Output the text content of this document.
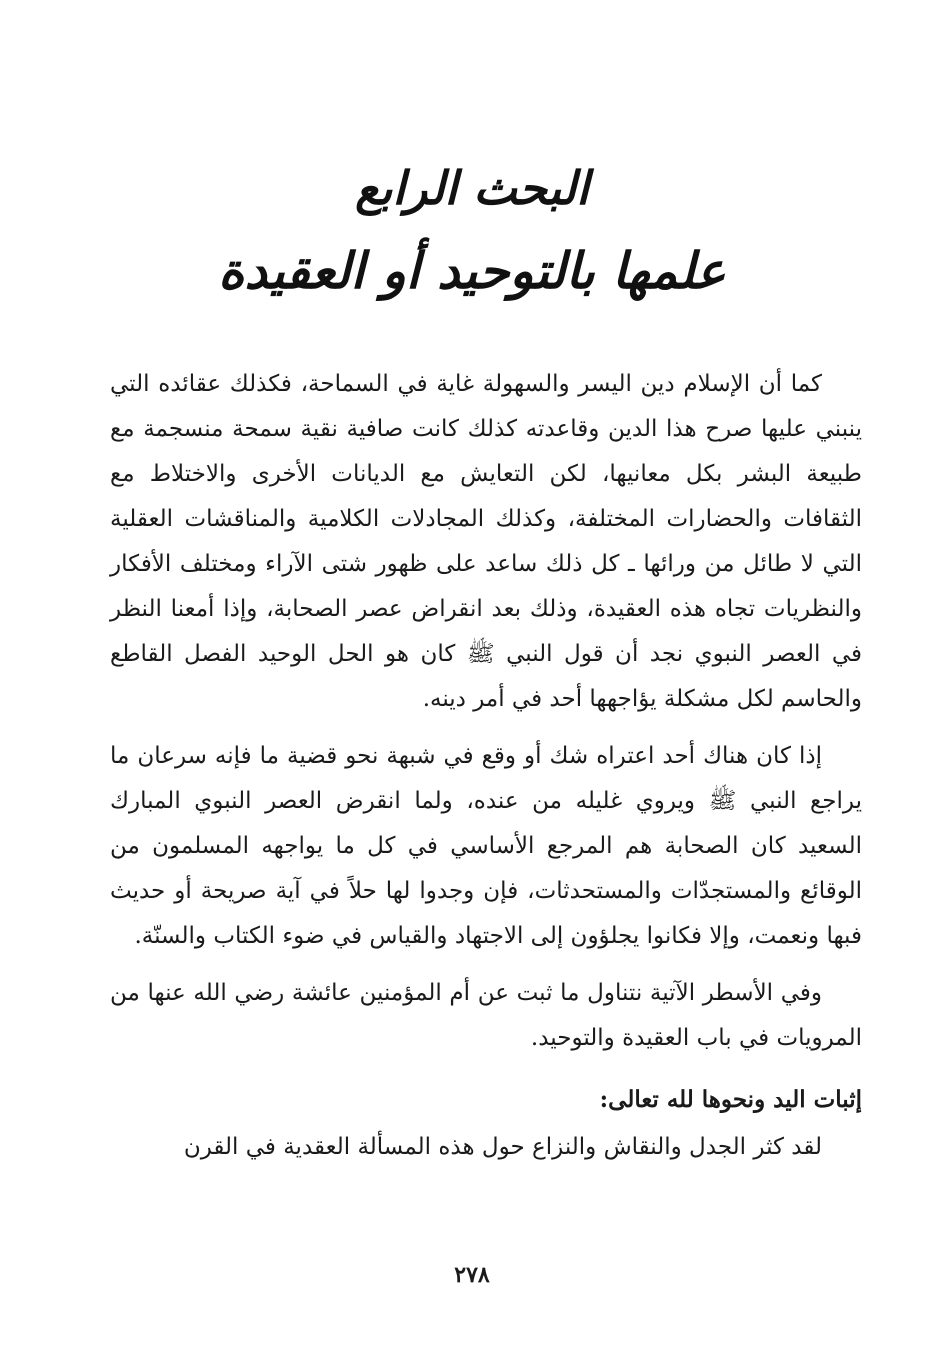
البحث الرابع
علمها بالتوحيد أو العقيدة

كما أن الإسلام دين اليسر والسهولة غاية في السماحة، فكذلك عقائده التي ينبني عليها صرح هذا الدين وقاعدته كذلك كانت صافية نقية سمحة منسجمة مع طبيعة البشر بكل معانيها، لكن التعايش مع الديانات الأخرى والاختلاط مع الثقافات والحضارات المختلفة، وكذلك المجادلات الكلامية والمناقشات العقلية التي لا طائل من ورائها ـ كل ذلك ساعد على ظهور شتى الآراء ومختلف الأفكار والنظريات تجاه هذه العقيدة، وذلك بعد انقراض عصر الصحابة، وإذا أمعنا النظر في العصر النبوي نجد أن قول النبي ﷺ كان هو الحل الوحيد الفصل القاطع والحاسم لكل مشكلة يؤاجهها أحد في أمر دينه.

إذا كان هناك أحد اعتراه شك أو وقع في شبهة نحو قضية ما فإنه سرعان ما يراجع النبي ﷺ ويروي غليله من عنده، ولما انقرض العصر النبوي المبارك السعيد كان الصحابة هم المرجع الأساسي في كل ما يواجهه المسلمون من الوقائع والمستجدّات والمستحدثات، فإن وجدوا لها حلاً في آية صريحة أو حديث فبها ونعمت، وإلا فكانوا يجلؤون إلى الاجتهاد والقياس في ضوء الكتاب والسنّة.

وفي الأسطر الآتية نتناول ما ثبت عن أم المؤمنين عائشة رضي الله عنها من المرويات في باب العقيدة والتوحيد.

إثبات اليد ونحوها لله تعالى:

لقد كثر الجدل والنقاش والنزاع حول هذه المسألة العقدية في القرن

٢٧٨
